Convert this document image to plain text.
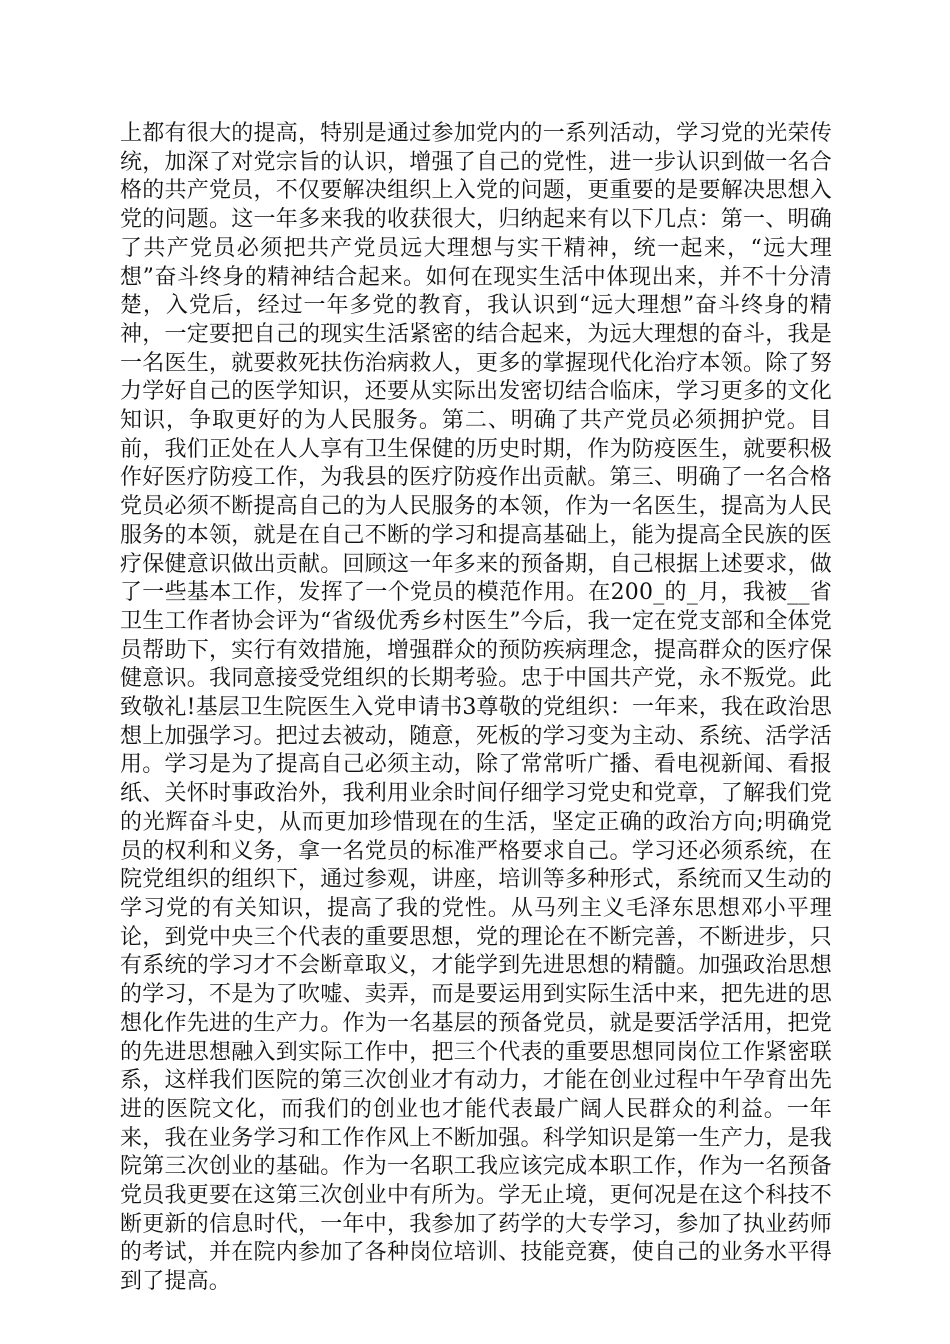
上都有很大的提高，特别是通过参加党内的一系列活动，学习党的光荣传统，加深了对党宗旨的认识，增强了自己的党性，进一步认识到做一名合格的共产党员，不仅要解决组织上入党的问题，更重要的是要解决思想入党的问题。这一年多来我的收获很大，归纳起来有以下几点：第一、明确了共产党员必须把共产党员远大理想与实干精神，统一起来，“远大理想”奋斗终身的精神结合起来。如何在现实生活中体现出来，并不十分清楚，入党后，经过一年多党的教育，我认识到“远大理想”奋斗终身的精神，一定要把自己的现实生活紧密的结合起来，为远大理想的奋斗，我是一名医生，就要救死扶伤治病救人，更多的掌握现代化治疗本领。除了努力学好自己的医学知识，还要从实际出发密切结合临床，学习更多的文化知识，争取更好的为人民服务。第二、明确了共产党员必须拥护党。目前，我们正处在人人享有卫生保健的历史时期，作为防疫医生，就要积极作好医疗防疫工作，为我县的医疗防疫作出贡献。第三、明确了一名合格党员必须不断提高自己的为人民服务的本领，作为一名医生，提高为人民服务的本领，就是在自己不断的学习和提高基础上，能为提高全民族的医疗保健意识做出贡献。回顾这一年多来的预备期，自己根据上述要求，做了一些基本工作，发挥了一个党员的模范作用。在200_的_月，我被__省卫生工作者协会评为“省级优秀乡村医生”今后，我一定在党支部和全体党员帮助下，实行有效措施，增强群众的预防疾病理念，提高群众的医疗保健意识。我同意接受党组织的长期考验。忠于中国共产党，永不叛党。此致敬礼!基层卫生院医生入党申请书3尊敬的党组织：一年来，我在政治思想上加强学习。把过去被动，随意，死板的学习变为主动、系统、活学活用。学习是为了提高自己必须主动，除了常常听广播、看电视新闻、看报纸、关怀时事政治外，我利用业余时间仔细学习党史和党章，了解我们党的光辉奋斗史，从而更加珍惜现在的生活，坚定正确的政治方向;明确党员的权利和义务，拿一名党员的标准严格要求自己。学习还必须系统，在院党组织的组织下，通过参观，讲座，培训等多种形式，系统而又生动的学习党的有关知识，提高了我的党性。从马列主义毛泽东思想邓小平理论，到党中央三个代表的重要思想，党的理论在不断完善，不断进步，只有系统的学习才不会断章取义，才能学到先进思想的精髓。加强政治思想的学习，不是为了吹嘘、卖弄，而是要运用到实际生活中来，把先进的思想化作先进的生产力。作为一名基层的预备党员，就是要活学活用，把党的先进思想融入到实际工作中，把三个代表的重要思想同岗位工作紧密联系，这样我们医院的第三次创业才有动力，才能在创业过程中午孕育出先进的医院文化，而我们的创业也才能代表最广阔人民群众的利益。一年来，我在业务学习和工作作风上不断加强。科学知识是第一生产力，是我院第三次创业的基础。作为一名职工我应该完成本职工作，作为一名预备党员我更要在这第三次创业中有所为。学无止境，更何况是在这个科技不断更新的信息时代，一年中，我参加了药学的大专学习，参加了执业药师的考试，并在院内参加了各种岗位培训、技能竞赛，使自己的业务水平得到了提高。
